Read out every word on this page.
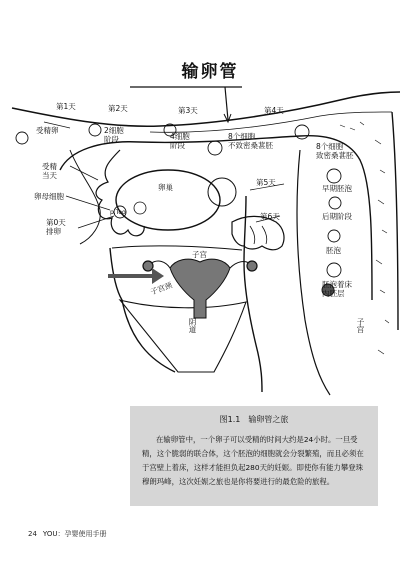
输卵管
第1天	第2天	第3天	第4天
受精卵	2细胞
阶段	4细胞
阶段
8个细胞
不致密桑葚胚	8个细胞
致密桑葚胚
受精
当天
卵母细胞
第0天
排卵
卵巢
p.Too
第5天
第6天
早期胚泡
后期阶段
胚泡
胚泡着床
内胚层
子宫
子宫颈
阴道	子宫
图1.1　输卵管之旅
在输卵管中，一个卵子可以受精的时间大约是24小时。一旦受精，这个脆弱的联合体，这个胚泡的细胞就会分裂繁殖，而且必须在于宫壁上着床，这样才能担负起280天的妊娠。即使你有能力攀登珠穆朗玛峰，这次妊娠之旅也是你将要进行的最危险的旅程。
24 YOU：孕婴使用手册
